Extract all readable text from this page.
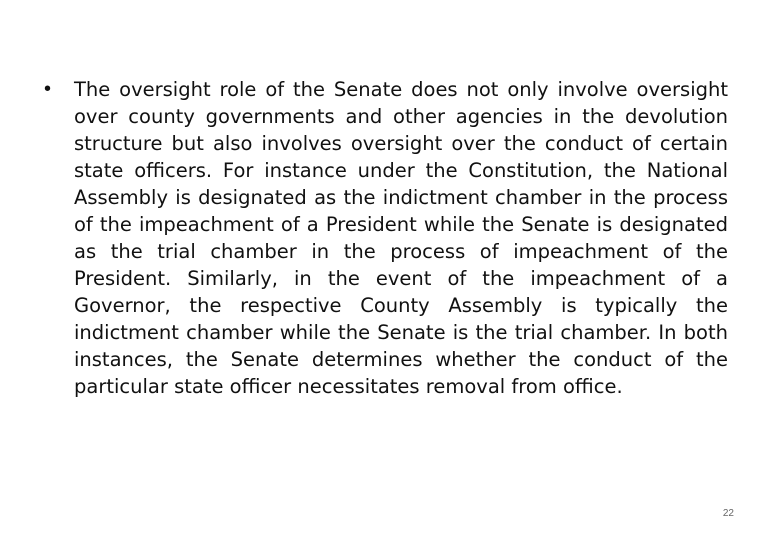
•	The oversight role of the Senate does not only involve oversight over county governments and other agencies in the devolution structure but also involves oversight over the conduct of certain state officers. For instance under the Constitution, the National Assembly is designated as the indictment chamber in the process of the impeachment of a President while the Senate is designated as the trial chamber in the process of impeachment of the President. Similarly, in the event of the impeachment of a Governor, the respective County Assembly is typically the indictment chamber while the Senate is the trial chamber. In both instances, the Senate determines whether the conduct of the particular state officer necessitates removal from office.

22
